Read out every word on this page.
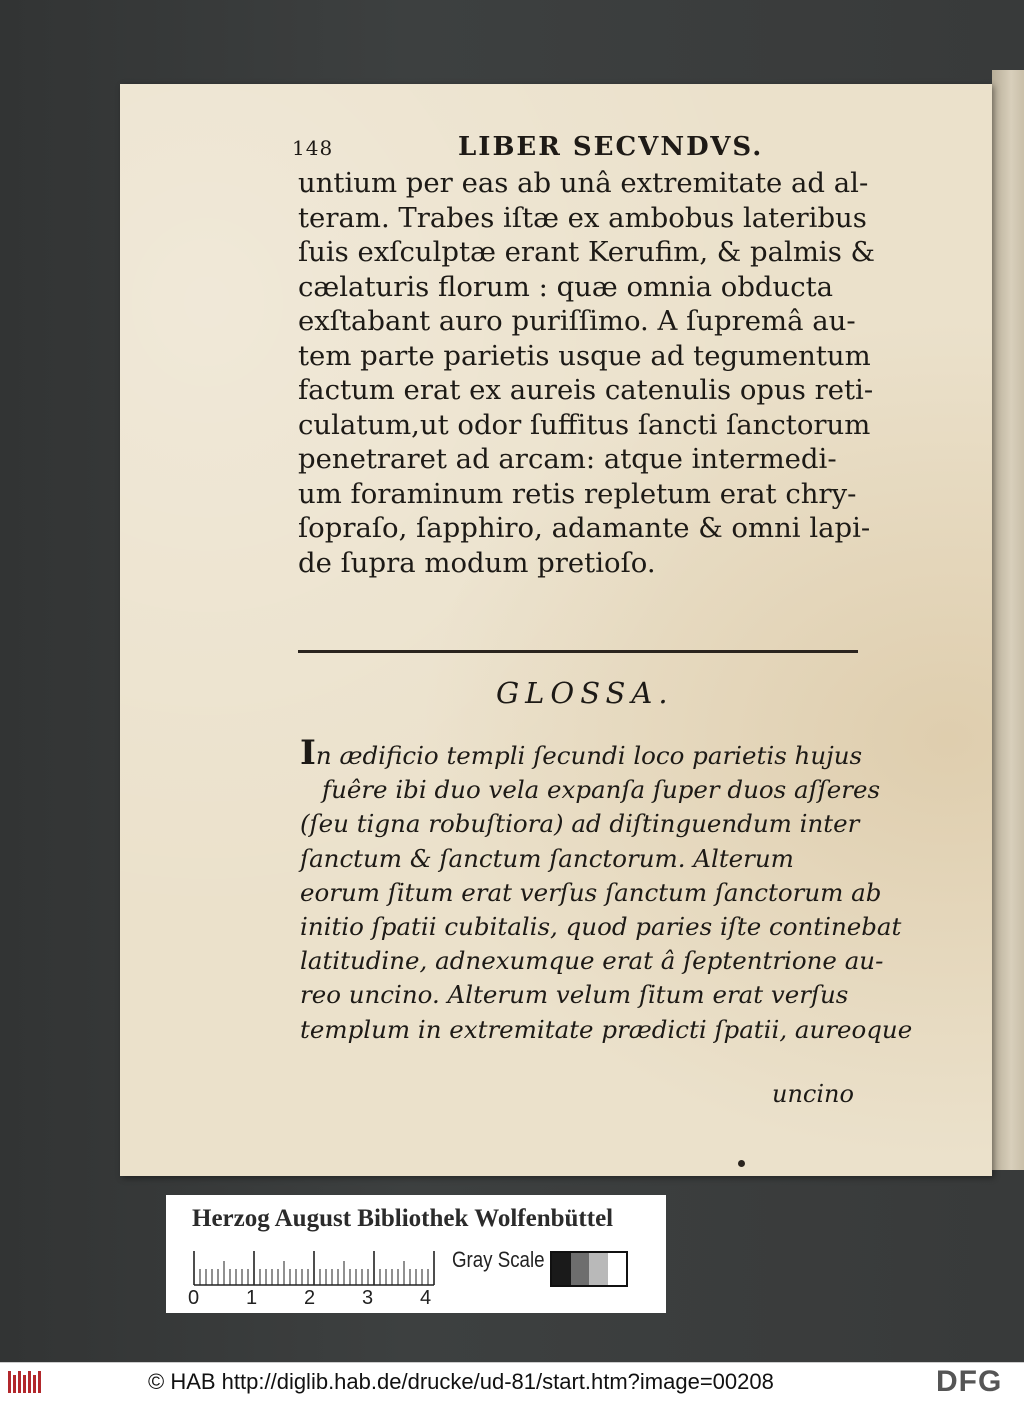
148	LIBER SECVNDVS.
untium per eas ab unâ extremitate ad al-
teram. Trabes iſtæ ex ambobus lateribus
ſuis exſculptæ erant Kerufim, & palmis &
cælaturis florum : quæ omnia obducta
exſtabant auro puriſſimo. A ſupremâ au-
tem parte parietis usque ad tegumentum
factum erat ex aureis catenulis opus reti-
culatum,ut odor ſuffitus ſancti ſanctorum
penetraret ad arcam: atque intermedi-
um foraminum retis repletum erat chry-
ſopraſo, ſapphiro, adamante & omni lapi-
de ſupra modum pretioſo.
GLOSSA.
In ædificio templi ſecundi loco parietis hujus
fuêre ibi duo vela expanſa ſuper duos aſſeres
(ſeu tigna robuſtiora) ad diſtinguendum inter
ſanctum & ſanctum ſanctorum. Alterum
eorum ſitum erat verſus ſanctum ſanctorum ab
initio ſpatii cubitalis, quod paries iſte continebat
latitudine, adnexumque erat â ſeptentrione au-
reo uncino. Alterum velum ſitum erat verſus
templum in extremitate prædicti ſpatii, aureoque
uncino
Herzog August Bibliothek Wolfenbüttel
0 1 2 3 4
Gray Scale
© HAB http://diglib.hab.de/drucke/ud-81/start.htm?image=00208	DFG
